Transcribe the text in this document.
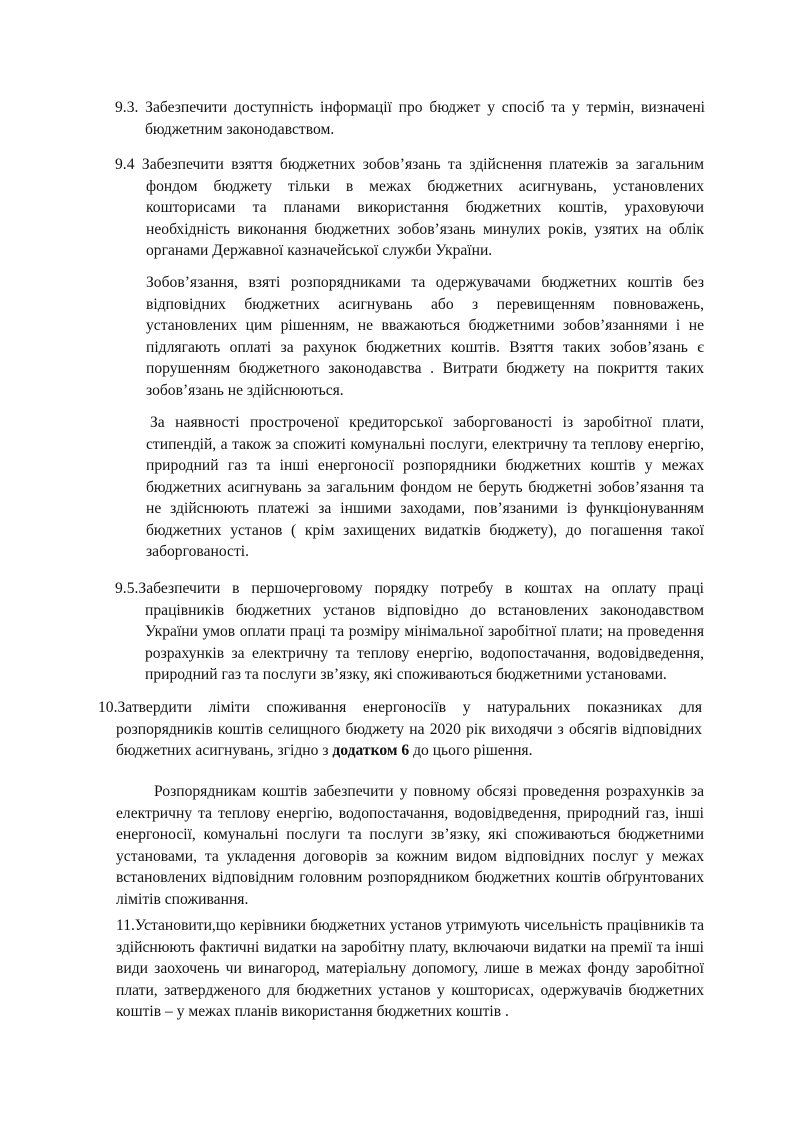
9.3. Забезпечити доступність інформації про бюджет у спосіб та у термін, визначені бюджетним законодавством.

9.4 Забезпечити взяття бюджетних зобов’язань та здійснення платежів за загальним фондом бюджету тільки в межах бюджетних асигнувань, установлених кошторисами та планами використання бюджетних коштів, ураховуючи необхідність виконання бюджетних зобов’язань минулих років, узятих на облік органами Державної казначейської служби України.

Зобов’язання, взяті розпорядниками та одержувачами бюджетних коштів без відповідних бюджетних асигнувань або з перевищенням повноважень, установлених цим рішенням, не вважаються бюджетними зобов’язаннями і не підлягають оплаті за рахунок бюджетних коштів. Взяття таких зобов’язань є порушенням бюджетного законодавства . Витрати бюджету на покриття таких зобов’язань не здійснюються.

За наявності простроченої кредиторської заборгованості із заробітної плати, стипендій, а також за спожиті комунальні послуги, електричну та теплову енергію, природний газ та інші енергоносії розпорядники бюджетних коштів у межах бюджетних асигнувань за загальним фондом не беруть бюджетні зобов’язання та не здійснюють платежі за іншими заходами, пов’язаними із функціонуванням бюджетних установ ( крім захищених видатків бюджету), до погашення такої заборгованості.

9.5.Забезпечити в першочерговому порядку потребу в коштах на оплату праці працівників бюджетних установ відповідно до встановлених законодавством України умов оплати праці та розміру мінімальної заробітної плати; на проведення розрахунків за електричну та теплову енергію, водопостачання, водовідведення, природний газ та послуги зв’язку, які споживаються бюджетними установами.

10.Затвердити ліміти споживання енергоносіїв у натуральних показниках для розпорядників коштів селищного бюджету на 2020 рік виходячи з обсягів відповідних бюджетних асигнувань, згідно з додатком 6 до цього рішення.

Розпорядникам коштів забезпечити у повному обсязі проведення розрахунків за електричну та теплову енергію, водопостачання, водовідведення, природний газ, інші енергоносії, комунальні послуги та послуги зв’язку, які споживаються бюджетними установами, та укладення договорів за кожним видом відповідних послуг у межах встановлених відповідним головним розпорядником бюджетних коштів обґрунтованих лімітів споживання.

11.Установити,що керівники бюджетних установ утримують чисельність працівників та здійснюють фактичні видатки на заробітну плату, включаючи видатки на премії та інші види заохочень чи винагород, матеріальну допомогу, лише в межах фонду заробітної плати, затвердженого для бюджетних установ у кошторисах, одержувачів бюджетних коштів – у межах планів використання бюджетних коштів .
